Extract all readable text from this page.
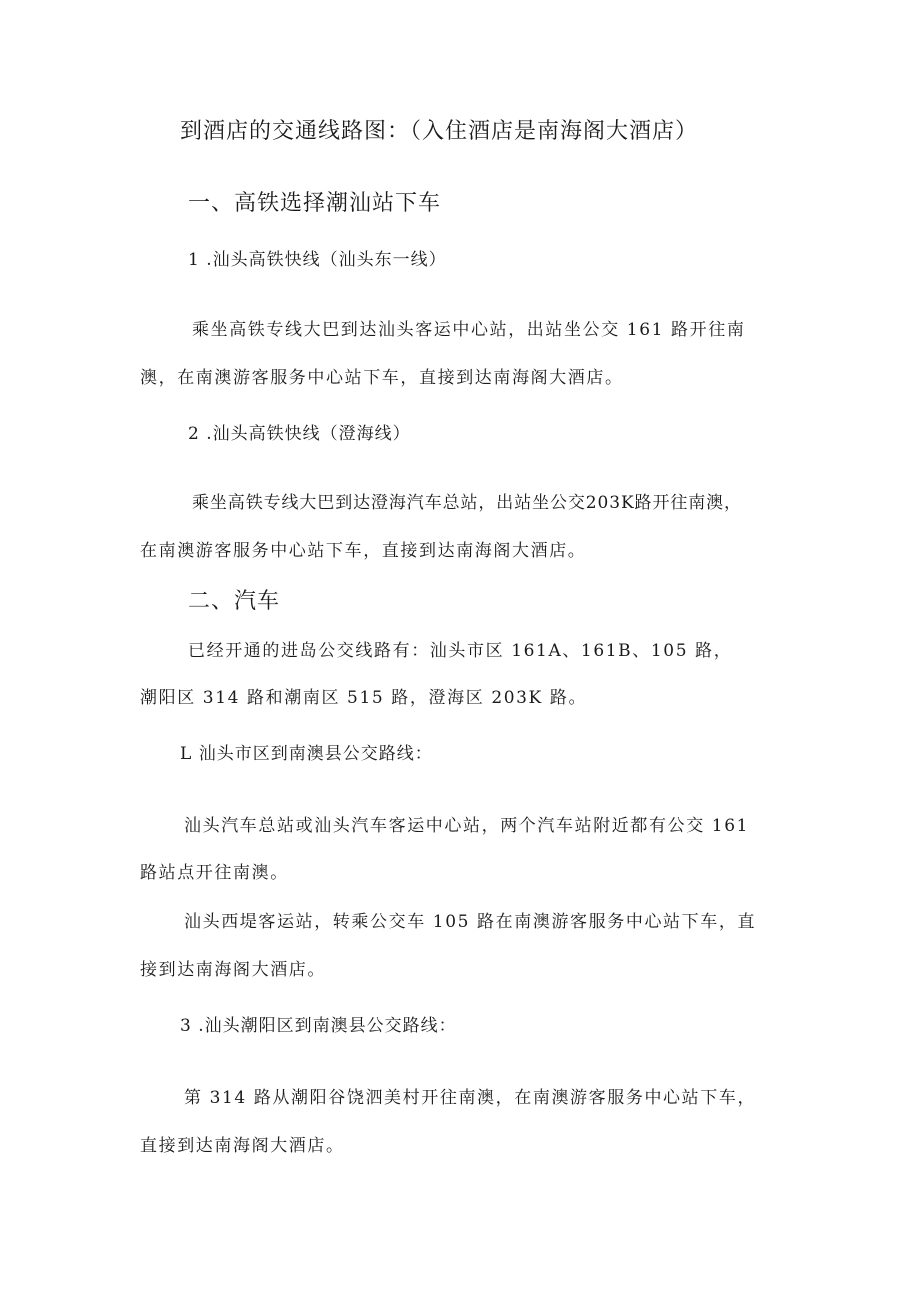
到酒店的交通线路图：（入住酒店是南海阁大酒店）

一、高铁选择潮汕站下车

1 .汕头高铁快线（汕头东一线）

乘坐高铁专线大巴到达汕头客运中心站，出站坐公交 161 路开往南

澳，在南澳游客服务中心站下车，直接到达南海阁大酒店。

2 .汕头高铁快线（澄海线）

乘坐高铁专线大巴到达澄海汽车总站，出站坐公交203K路开往南澳，

在南澳游客服务中心站下车，直接到达南海阁大酒店。

二、汽车

已经开通的进岛公交线路有：汕头市区 161A、161B、105 路，

潮阳区 314 路和潮南区 515 路，澄海区 203K 路。

L 汕头市区到南澳县公交路线：

汕头汽车总站或汕头汽车客运中心站，两个汽车站附近都有公交 161

路站点开往南澳。

汕头西堤客运站，转乘公交车 105 路在南澳游客服务中心站下车，直

接到达南海阁大酒店。

3 .汕头潮阳区到南澳县公交路线：

第 314 路从潮阳谷饶泗美村开往南澳，在南澳游客服务中心站下车，

直接到达南海阁大酒店。
